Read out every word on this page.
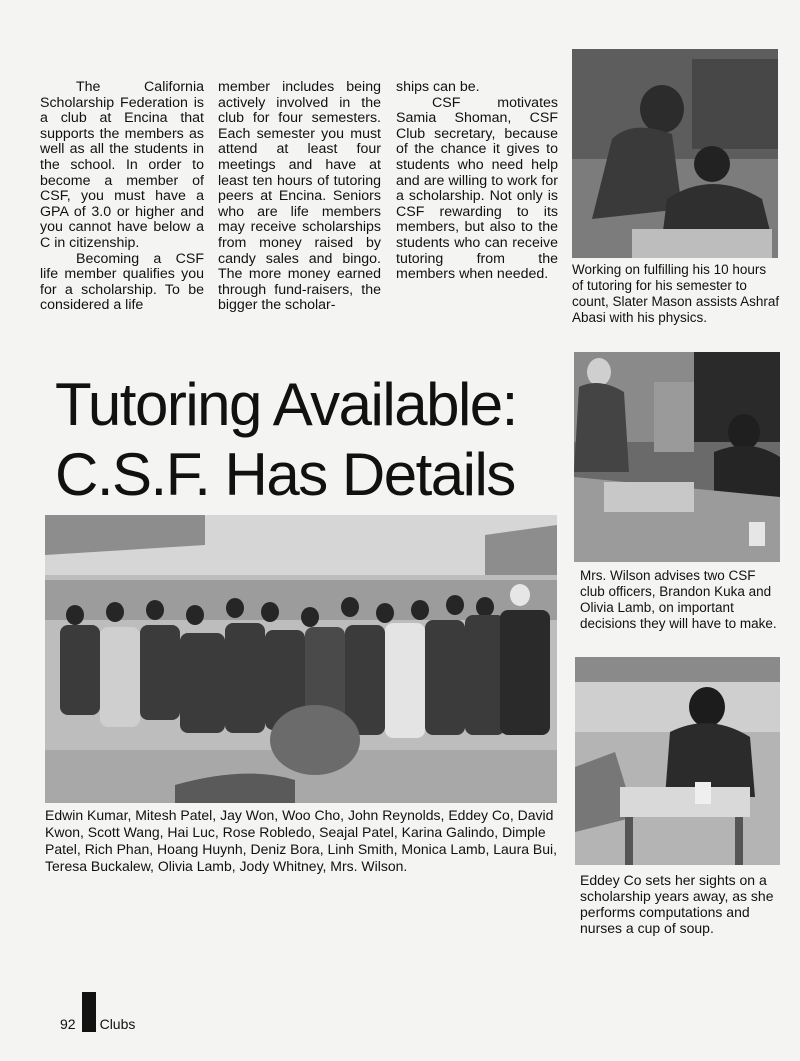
The California Scholarship Federation is a club at Encina that supports the members as well as all the students in the school. In order to become a member of CSF, you must have a GPA of 3.0 or higher and you cannot have below a C in citizenship.

Becoming a CSF life member qualifies you for a scholarship. To be considered a life

member includes being actively involved in the club for four semesters. Each semester you must attend at least four meetings and have at least ten hours of tutoring peers at Encina. Seniors who are life members may receive scholarships from money raised by candy sales and bingo. The more money earned through fund-raisers, the bigger the scholar-

ships can be.

CSF motivates Samia Shoman, CSF Club secretary, because of the chance it gives to students who need help and are willing to work for a scholarship. Not only is CSF rewarding to its members, but also to the students who can receive tutoring from the members when needed.	Working on fulfilling his 10 hours of tutoring for his semester to count, Slater Mason assists Ashraf Abasi with his physics.
Tutoring Available:
C.S.F. Has Details
Mrs. Wilson advises two CSF club officers, Brandon Kuka and Olivia Lamb, on important decisions they will have to make.
Edwin Kumar, Mitesh Patel, Jay Won, Woo Cho, John Reynolds, Eddey Co, David Kwon, Scott Wang, Hai Luc, Rose Robledo, Seajal Patel, Karina Galindo, Dimple Patel, Rich Phan, Hoang Huynh, Deniz Bora, Linh Smith, Monica Lamb, Laura Bui, Teresa Buckalew, Olivia Lamb, Jody Whitney, Mrs. Wilson.
Eddey Co sets her sights on a scholarship years away, as she performs computations and nurses a cup of soup.
92 Clubs
